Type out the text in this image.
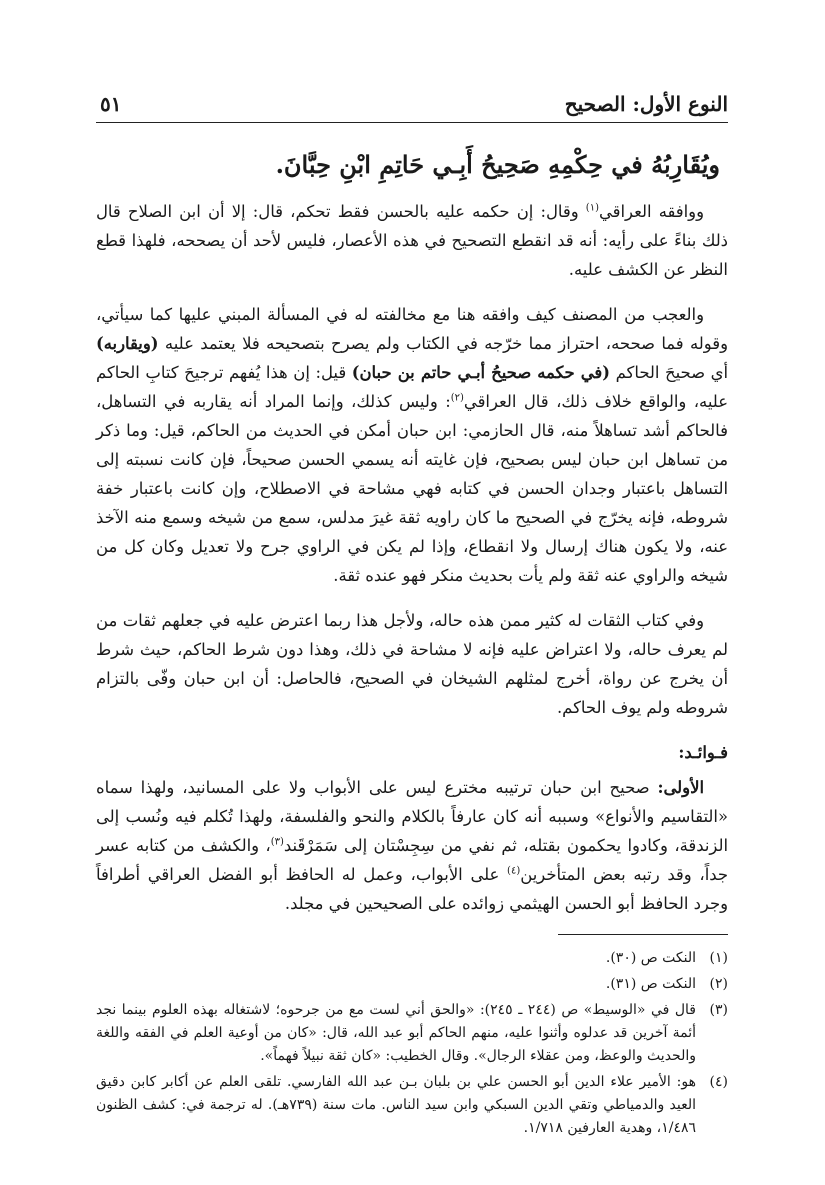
النوع الأول: الصحيح
٥١
ويُقَارِبُهُ في حِكْمِهِ صَحِيحُ أَبِـي حَاتِمِ ابْنِ حِبَّانَ.

ووافقه العراقي$^{(١)}$ وقال: إن حكمه عليه بالحسن فقط تحكم، قال: إلا أن ابن الصلاح قال ذلك بناءً على رأيه: أنه قد انقطع التصحيح في هذه الأعصار، فليس لأحد أن يصححه، فلهذا قطع النظر عن الكشف عليه.

والعجب من المصنف كيف وافقه هنا مع مخالفته له في المسألة المبني عليها كما سيأتي، وقوله فما صححه، احتراز مما خرّجه في الكتاب ولم يصرح بتصحيحه فلا يعتمد عليه (ويقاربه) أي صحيحَ الحاكم (في حكمه صحيحُ أبـي حاتم بن حبان) قيل: إن هذا يُفهم ترجيحَ كتابِ الحاكم عليه، والواقع خلاف ذلك، قال العراقي$^{(٢)}$: وليس كذلك، وإنما المراد أنه يقاربه في التساهل، فالحاكم أشد تساهلاً منه، قال الحازمي: ابن حبان أمكن في الحديث من الحاكم، قيل: وما ذكر من تساهل ابن حبان ليس بصحيح، فإن غايته أنه يسمي الحسن صحيحاً، فإن كانت نسبته إلى التساهل باعتبار وجدان الحسن في كتابه فهي مشاحة في الاصطلاح، وإن كانت باعتبار خفة شروطه، فإنه يخرّج في الصحيح ما كان راويه ثقة غيرَ مدلس، سمع من شيخه وسمع منه الآخذ عنه، ولا يكون هناك إرسال ولا انقطاع، وإذا لم يكن في الراوي جرح ولا تعديل وكان كل من شيخه والراوي عنه ثقة ولم يأت بحديث منكر فهو عنده ثقة.

وفي كتاب الثقات له كثير ممن هذه حاله، ولأجل هذا ربما اعترض عليه في جعلهم ثقات من لم يعرف حاله، ولا اعتراض عليه فإنه لا مشاحة في ذلك، وهذا دون شرط الحاكم، حيث شرط أن يخرج عن رواة، أخرج لمثلهم الشيخان في الصحيح، فالحاصل: أن ابن حبان وفّى بالتزام شروطه ولم يوف الحاكم.

فـوائـد:

الأولى: صحيح ابن حبان ترتيبه مخترع ليس على الأبواب ولا على المسانيد، ولهذا سماه «التقاسيم والأنواع» وسببه أنه كان عارفاً بالكلام والنحو والفلسفة، ولهذا تُكلم فيه ونُسب إلى الزندقة، وكادوا يحكمون بقتله، ثم نفي من سِجِسْتان إلى سَمَرْقَند$^{(٣)}$، والكشف من كتابه عسر جداً، وقد رتبه بعض المتأخرين$^{(٤)}$ على الأبواب، وعمل له الحافظ أبو الفضل العراقي أطرافاً وجرد الحافظ أبو الحسن الهيثمي زوائده على الصحيحين في مجلد.

(١)
النكت ص (٣٠).
(٢)
النكت ص (٣١).
(٣)
قال في «الوسيط» ص (٢٤٤ ـ ٢٤٥): «والحق أني لست مع من جرحوه؛ لاشتغاله بهذه العلوم بينما نجد أئمة آخرين قد عدلوه وأثنوا عليه، منهم الحاكم أبو عبد الله، قال: «كان من أوعية العلم في الفقه واللغة والحديث والوعظ، ومن عقلاء الرجال». وقال الخطيب: «كان ثقة نبيلاً فهماً».
(٤)
هو: الأمير علاء الدين أبو الحسن علي بن بلبان بـن عبد الله الفارسي. تلقى العلم عن أكابر كابن دقيق العيد والدمياطي وتقي الدين السبكي وابن سيد الناس. مات سنة (٧٣٩هـ). له ترجمة في: كشف الظنون ١/٤٨٦، وهدية العارفين ١/٧١٨.
